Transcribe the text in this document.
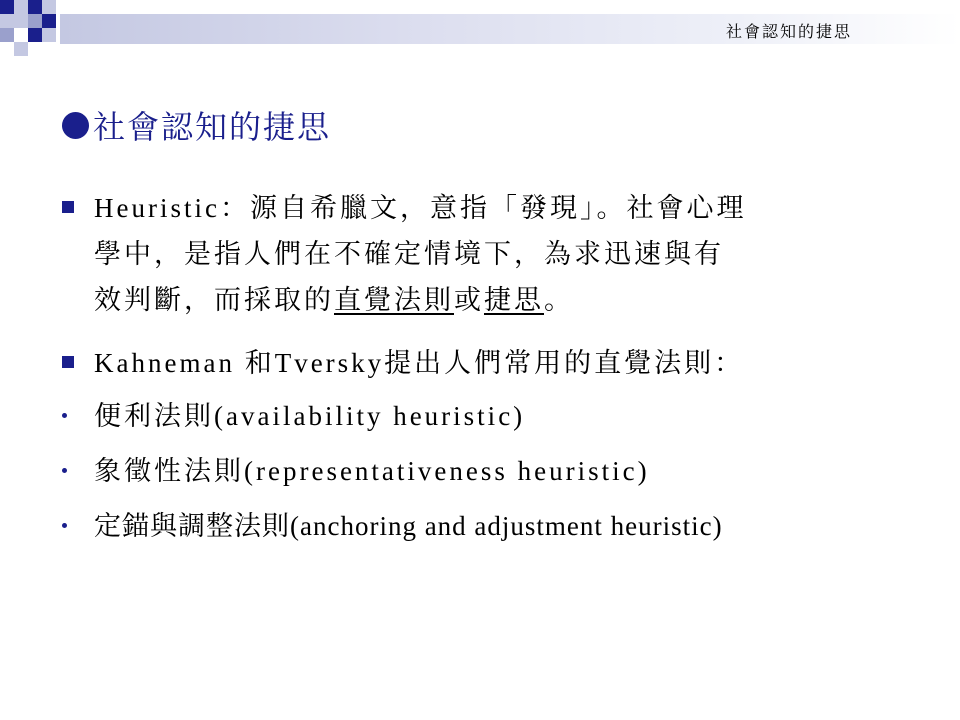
社會認知的捷思
社會認知的捷思
Heuristic：源自希臘文，意指「發現」。社會心理
學中，是指人們在不確定情境下，為求迅速與有
效判斷，而採取的直覺法則或捷思。
Kahneman 和Tversky提出人們常用的直覺法則：
便利法則(availability heuristic)
象徵性法則(representativeness heuristic)
定錨與調整法則(anchoring and adjustment heuristic)
